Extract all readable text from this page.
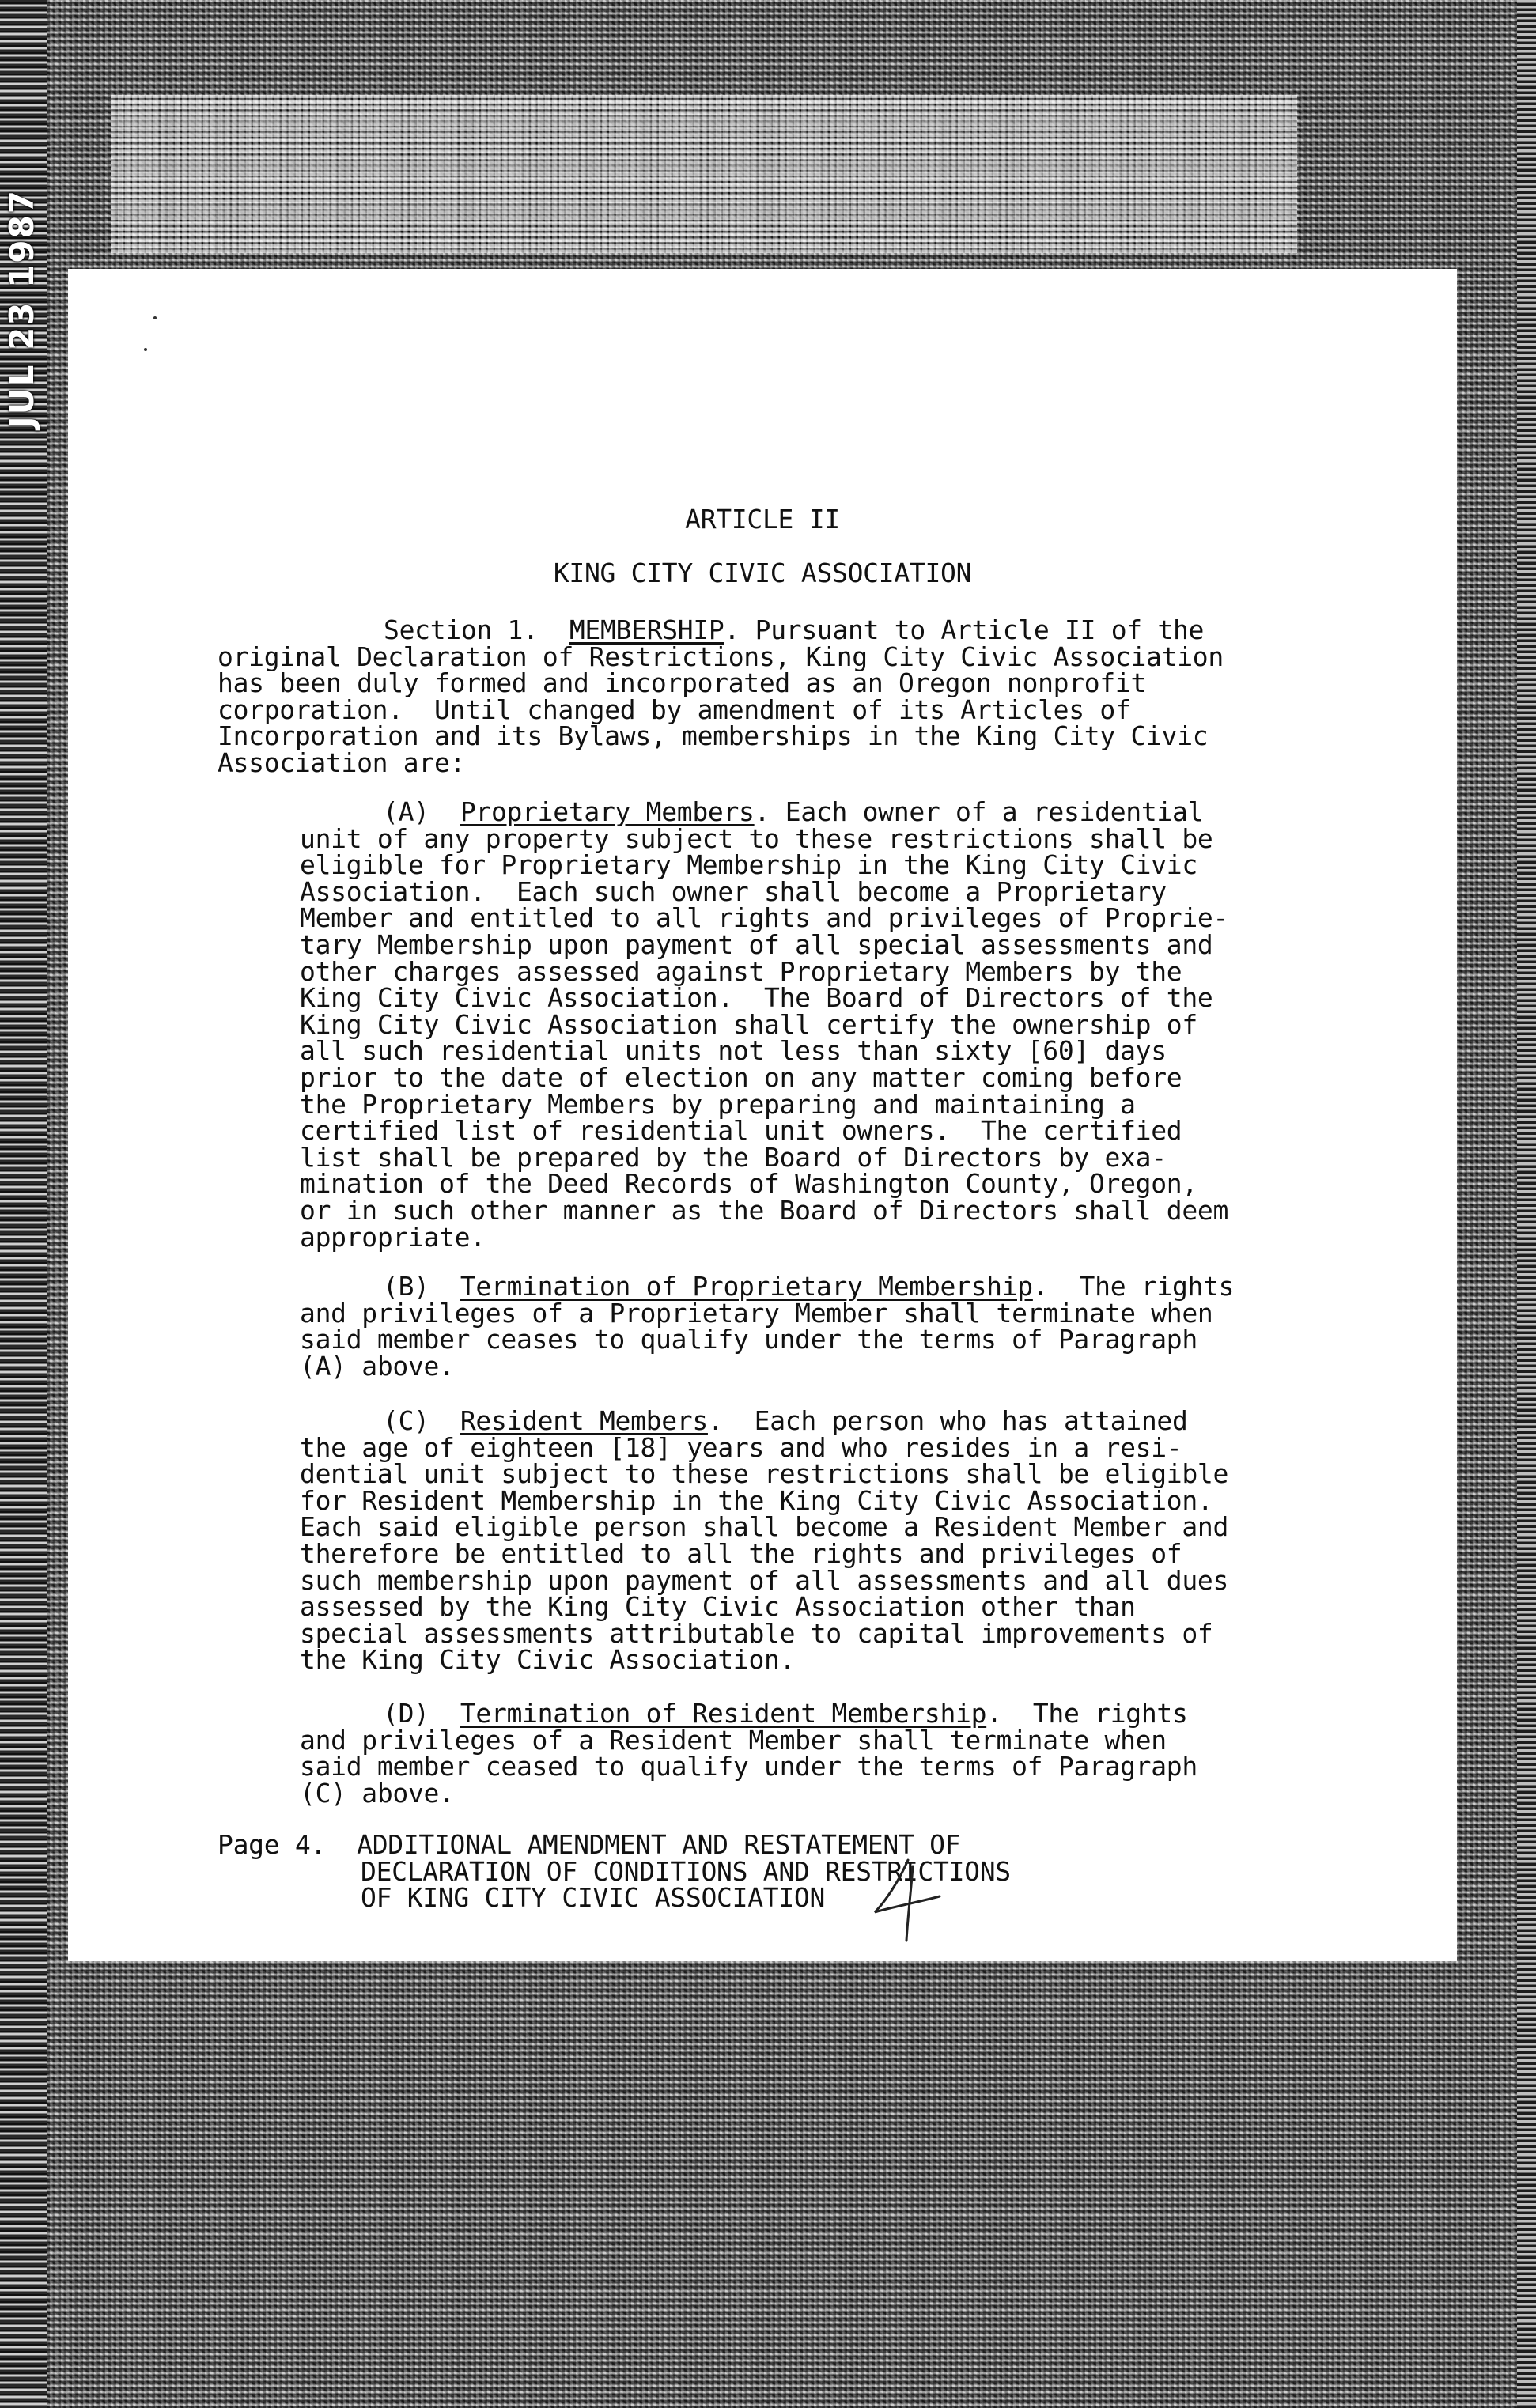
JUL 23 1987
ARTICLE II
KING CITY CIVIC ASSOCIATION
Section 1. MEMBERSHIP. Pursuant to Article II of the
original Declaration of Restrictions, King City Civic Association
has been duly formed and incorporated as an Oregon nonprofit
corporation.  Until changed by amendment of its Articles of
Incorporation and its Bylaws, memberships in the King City Civic
Association are:
(A) Proprietary Members. Each owner of a residential
unit of any property subject to these restrictions shall be
eligible for Proprietary Membership in the King City Civic
Association.  Each such owner shall become a Proprietary
Member and entitled to all rights and privileges of Proprie-
tary Membership upon payment of all special assessments and
other charges assessed against Proprietary Members by the
King City Civic Association.  The Board of Directors of the
King City Civic Association shall certify the ownership of
all such residential units not less than sixty [60] days
prior to the date of election on any matter coming before
the Proprietary Members by preparing and maintaining a
certified list of residential unit owners.  The certified
list shall be prepared by the Board of Directors by exa-
mination of the Deed Records of Washington County, Oregon,
or in such other manner as the Board of Directors shall deem
appropriate.
(B) Termination of Proprietary Membership.  The rights
and privileges of a Proprietary Member shall terminate when
said member ceases to qualify under the terms of Paragraph
(A) above.
(C) Resident Members.  Each person who has attained
the age of eighteen [18] years and who resides in a resi-
dential unit subject to these restrictions shall be eligible
for Resident Membership in the King City Civic Association.
Each said eligible person shall become a Resident Member and
therefore be entitled to all the rights and privileges of
such membership upon payment of all assessments and all dues
assessed by the King City Civic Association other than
special assessments attributable to capital improvements of
the King City Civic Association.
(D) Termination of Resident Membership.  The rights
and privileges of a Resident Member shall terminate when
said member ceased to qualify under the terms of Paragraph
(C) above.
Page 4. ADDITIONAL AMENDMENT AND RESTATEMENT OF
DECLARATION OF CONDITIONS AND RESTRICTIONS
OF KING CITY CIVIC ASSOCIATION
